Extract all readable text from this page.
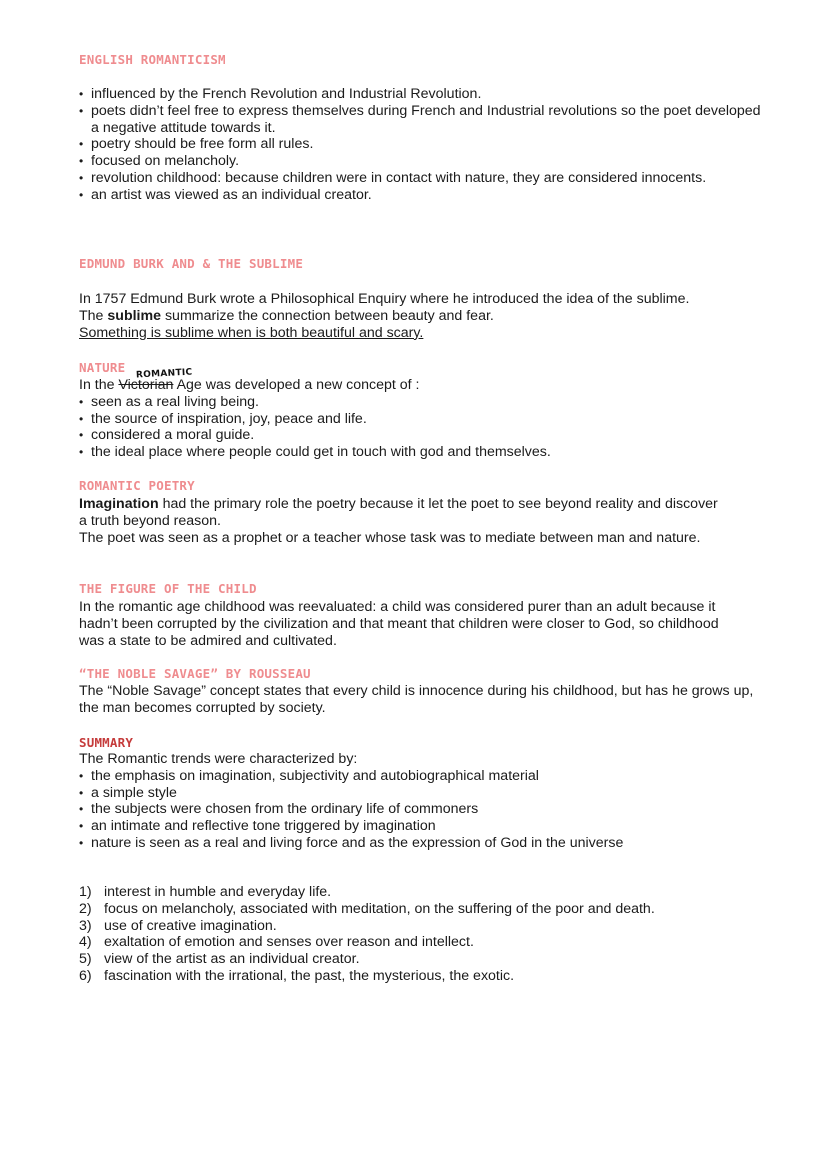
ENGLISH ROMANTICISM
• influenced by the French Revolution and Industrial Revolution.
• poets didn’t feel free to express themselves during French and Industrial revolutions so the poet developed a negative attitude towards it.
• poetry should be free form all rules.
• focused on melancholy.
• revolution childhood: because children were in contact with nature, they are considered innocents.
• an artist was viewed as an individual creator.
EDMUND BURK AND & THE SUBLIME

In 1757 Edmund Burk wrote a Philosophical Enquiry where he introduced the idea of the sublime.

The sublime summarize the connection between beauty and fear.

Something is sublime when is both beautiful and scary.

NATURE ROMANTIC

In the Victorian Age was developed a new concept of :

• seen as a real living being.
• the source of inspiration, joy, peace and life.
• considered a moral guide.
• the ideal place where people could get in touch with god and themselves.
ROMANTIC POETRY

Imagination had the primary role the poetry because it let the poet to see beyond reality and discover a truth beyond reason.

The poet was seen as a prophet or a teacher whose task was to mediate between man and nature.

THE FIGURE OF THE CHILD

In the romantic age childhood was reevaluated: a child was considered purer than an adult because it hadn’t been corrupted by the civilization and that meant that children were closer to God, so childhood was a state to be admired and cultivated.

“THE NOBLE SAVAGE” BY ROUSSEAU

The “Noble Savage” concept states that every child is innocence during his childhood, but has he grows up, the man becomes corrupted by society.

SUMMARY

The Romantic trends were characterized by:

• the emphasis on imagination, subjectivity and autobiographical material
• a simple style
• the subjects were chosen from the ordinary life of commoners
• an intimate and reflective tone triggered by imagination
• nature is seen as a real and living force and as the expression of God in the universe
1) interest in humble and everyday life.
2) focus on melancholy, associated with meditation, on the suffering of the poor and death.
3) use of creative imagination.
4) exaltation of emotion and senses over reason and intellect.
5) view of the artist as an individual creator.
6) fascination with the irrational, the past, the mysterious, the exotic.
